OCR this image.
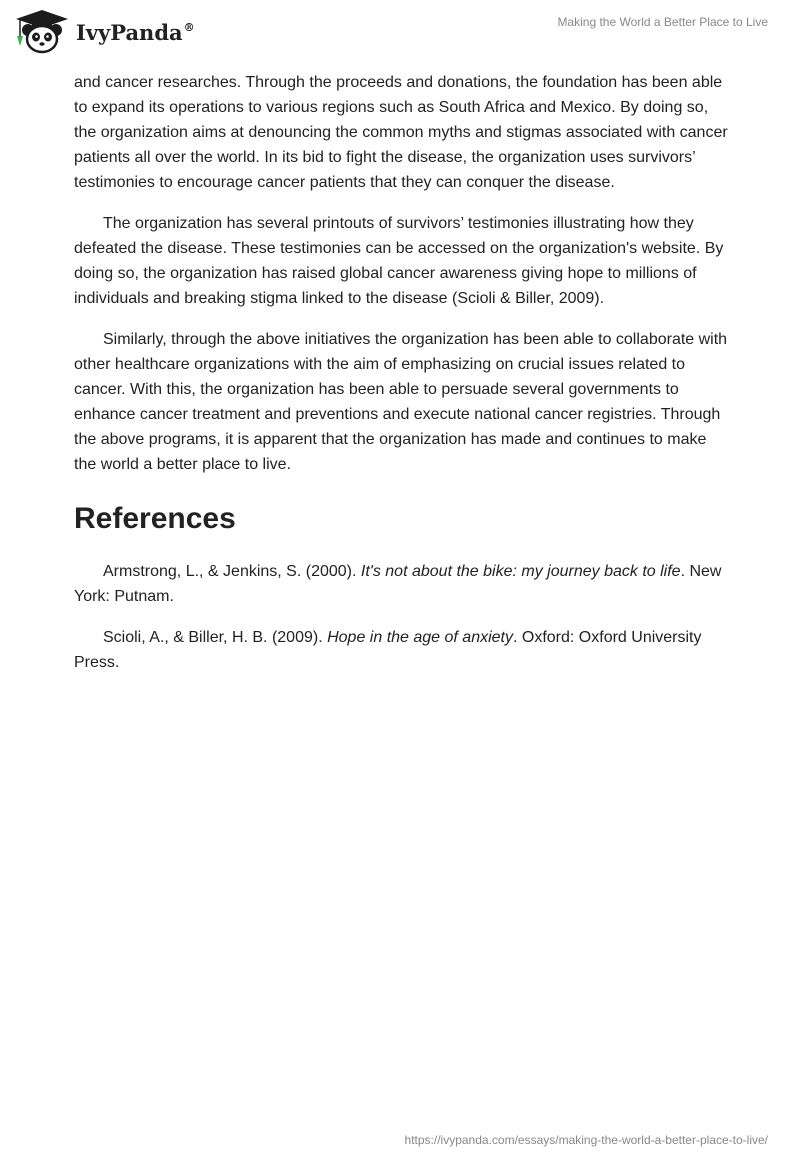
IvyPanda®	Making the World a Better Place to Live

and cancer researches. Through the proceeds and donations, the foundation has been able to expand its operations to various regions such as South Africa and Mexico. By doing so, the organization aims at denouncing the common myths and stigmas associated with cancer patients all over the world. In its bid to fight the disease, the organization uses survivors’ testimonies to encourage cancer patients that they can conquer the disease.

The organization has several printouts of survivors’ testimonies illustrating how they defeated the disease. These testimonies can be accessed on the organization's website. By doing so, the organization has raised global cancer awareness giving hope to millions of individuals and breaking stigma linked to the disease (Scioli & Biller, 2009).

Similarly, through the above initiatives the organization has been able to collaborate with other healthcare organizations with the aim of emphasizing on crucial issues related to cancer. With this, the organization has been able to persuade several governments to enhance cancer treatment and preventions and execute national cancer registries. Through the above programs, it is apparent that the organization has made and continues to make the world a better place to live.

References

Armstrong, L., & Jenkins, S. (2000). It's not about the bike: my journey back to life. New York: Putnam.

Scioli, A., & Biller, H. B. (2009). Hope in the age of anxiety. Oxford: Oxford University Press.

https://ivypanda.com/essays/making-the-world-a-better-place-to-live/
